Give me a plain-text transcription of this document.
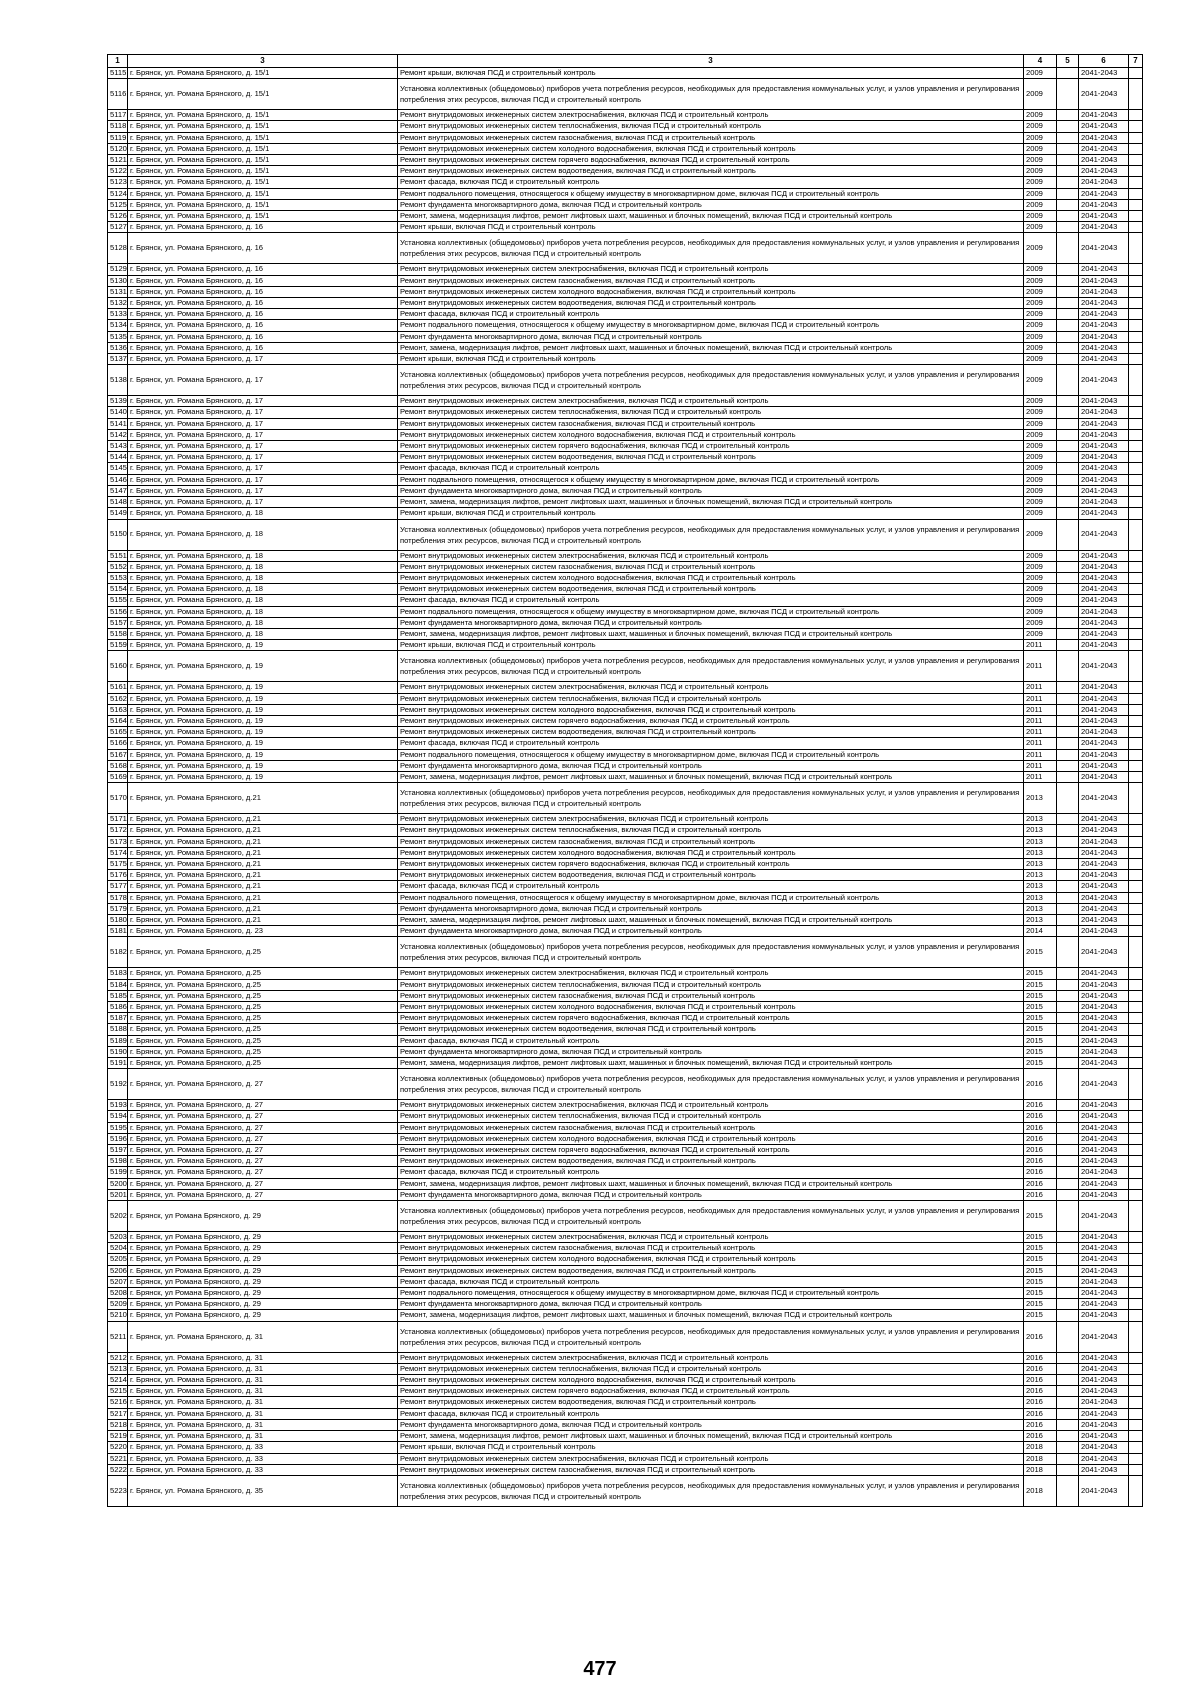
1	3	3	4	5	6	7
5115	г. Брянск, ул. Романа Брянского, д. 15/1	Ремонт крыши, включая ПСД и строительный контроль	2009		2041-2043	
5116	г. Брянск, ул. Романа Брянского, д. 15/1	Установка коллективных (общедомовых) приборов учета потребления ресурсов, необходимых для предоставления коммунальных услуг, и узлов управления и регулирования потребления этих ресурсов, включая ПСД и строительный контроль	2009		2041-2043	
5117	г. Брянск, ул. Романа Брянского, д. 15/1	Ремонт внутридомовых инженерных систем электроснабжения, включая ПСД и строительный контроль	2009		2041-2043	
5118	г. Брянск, ул. Романа Брянского, д. 15/1	Ремонт внутридомовых инженерных систем теплоснабжения, включая ПСД и строительный контроль	2009		2041-2043	
5119	г. Брянск, ул. Романа Брянского, д. 15/1	Ремонт внутридомовых инженерных систем газоснабжения, включая ПСД и строительный контроль	2009		2041-2043	
5120	г. Брянск, ул. Романа Брянского, д. 15/1	Ремонт внутридомовых инженерных систем холодного водоснабжения, включая ПСД и строительный контроль	2009		2041-2043	
5121	г. Брянск, ул. Романа Брянского, д. 15/1	Ремонт внутридомовых инженерных систем горячего водоснабжения, включая ПСД и строительный контроль	2009		2041-2043	
5122	г. Брянск, ул. Романа Брянского, д. 15/1	Ремонт внутридомовых инженерных систем водоотведения, включая ПСД и строительный контроль	2009		2041-2043	
5123	г. Брянск, ул. Романа Брянского, д. 15/1	Ремонт фасада, включая ПСД и строительный контроль	2009		2041-2043	
5124	г. Брянск, ул. Романа Брянского, д. 15/1	Ремонт подвального помещения, относящегося к общему имуществу в многоквартирном доме, включая ПСД и строительный контроль	2009		2041-2043	
5125	г. Брянск, ул. Романа Брянского, д. 15/1	Ремонт фундамента многоквартирного дома, включая ПСД и строительный контроль	2009		2041-2043	
5126	г. Брянск, ул. Романа Брянского, д. 15/1	Ремонт, замена, модернизация лифтов, ремонт лифтовых шахт, машинных и блочных помещений, включая ПСД и строительный контроль	2009		2041-2043	
5127	г. Брянск, ул. Романа Брянского, д. 16	Ремонт крыши, включая ПСД и строительный контроль	2009		2041-2043	
5128	г. Брянск, ул. Романа Брянского, д. 16	Установка коллективных (общедомовых) приборов учета потребления ресурсов, необходимых для предоставления коммунальных услуг, и узлов управления и регулирования потребления этих ресурсов, включая ПСД и строительный контроль	2009		2041-2043	
5129	г. Брянск, ул. Романа Брянского, д. 16	Ремонт внутридомовых инженерных систем электроснабжения, включая ПСД и строительный контроль	2009		2041-2043	
5130	г. Брянск, ул. Романа Брянского, д. 16	Ремонт внутридомовых инженерных систем газоснабжения, включая ПСД и строительный контроль	2009		2041-2043	
5131	г. Брянск, ул. Романа Брянского, д. 16	Ремонт внутридомовых инженерных систем холодного водоснабжения, включая ПСД и строительный контроль	2009		2041-2043	
5132	г. Брянск, ул. Романа Брянского, д. 16	Ремонт внутридомовых инженерных систем водоотведения, включая ПСД и строительный контроль	2009		2041-2043	
5133	г. Брянск, ул. Романа Брянского, д. 16	Ремонт фасада, включая ПСД и строительный контроль	2009		2041-2043	
5134	г. Брянск, ул. Романа Брянского, д. 16	Ремонт подвального помещения, относящегося к общему имуществу в многоквартирном доме, включая ПСД и строительный контроль	2009		2041-2043	
5135	г. Брянск, ул. Романа Брянского, д. 16	Ремонт фундамента многоквартирного дома, включая ПСД и строительный контроль	2009		2041-2043	
5136	г. Брянск, ул. Романа Брянского, д. 16	Ремонт, замена, модернизация лифтов, ремонт лифтовых шахт, машинных и блочных помещений, включая ПСД и строительный контроль	2009		2041-2043	
5137	г. Брянск, ул. Романа Брянского, д. 17	Ремонт крыши, включая ПСД и строительный контроль	2009		2041-2043	
5138	г. Брянск, ул. Романа Брянского, д. 17	Установка коллективных (общедомовых) приборов учета потребления ресурсов, необходимых для предоставления коммунальных услуг, и узлов управления и регулирования потребления этих ресурсов, включая ПСД и строительный контроль	2009		2041-2043	
5139	г. Брянск, ул. Романа Брянского, д. 17	Ремонт внутридомовых инженерных систем электроснабжения, включая ПСД и строительный контроль	2009		2041-2043	
5140	г. Брянск, ул. Романа Брянского, д. 17	Ремонт внутридомовых инженерных систем теплоснабжения, включая ПСД и строительный контроль	2009		2041-2043	
5141	г. Брянск, ул. Романа Брянского, д. 17	Ремонт внутридомовых инженерных систем газоснабжения, включая ПСД и строительный контроль	2009		2041-2043	
5142	г. Брянск, ул. Романа Брянского, д. 17	Ремонт внутридомовых инженерных систем холодного водоснабжения, включая ПСД и строительный контроль	2009		2041-2043	
5143	г. Брянск, ул. Романа Брянского, д. 17	Ремонт внутридомовых инженерных систем горячего водоснабжения, включая ПСД и строительный контроль	2009		2041-2043	
5144	г. Брянск, ул. Романа Брянского, д. 17	Ремонт внутридомовых инженерных систем водоотведения, включая ПСД и строительный контроль	2009		2041-2043	
5145	г. Брянск, ул. Романа Брянского, д. 17	Ремонт фасада, включая ПСД и строительный контроль	2009		2041-2043	
5146	г. Брянск, ул. Романа Брянского, д. 17	Ремонт подвального помещения, относящегося к общему имуществу в многоквартирном доме, включая ПСД и строительный контроль	2009		2041-2043	
5147	г. Брянск, ул. Романа Брянского, д. 17	Ремонт фундамента многоквартирного дома, включая ПСД и строительный контроль	2009		2041-2043	
5148	г. Брянск, ул. Романа Брянского, д. 17	Ремонт, замена, модернизация лифтов, ремонт лифтовых шахт, машинных и блочных помещений, включая ПСД и строительный контроль	2009		2041-2043	
5149	г. Брянск, ул. Романа Брянского, д. 18	Ремонт крыши, включая ПСД и строительный контроль	2009		2041-2043	
5150	г. Брянск, ул. Романа Брянского, д. 18	Установка коллективных (общедомовых) приборов учета потребления ресурсов, необходимых для предоставления коммунальных услуг, и узлов управления и регулирования потребления этих ресурсов, включая ПСД и строительный контроль	2009		2041-2043	
5151	г. Брянск, ул. Романа Брянского, д. 18	Ремонт внутридомовых инженерных систем электроснабжения, включая ПСД и строительный контроль	2009		2041-2043	
5152	г. Брянск, ул. Романа Брянского, д. 18	Ремонт внутридомовых инженерных систем газоснабжения, включая ПСД и строительный контроль	2009		2041-2043	
5153	г. Брянск, ул. Романа Брянского, д. 18	Ремонт внутридомовых инженерных систем холодного водоснабжения, включая ПСД и строительный контроль	2009		2041-2043	
5154	г. Брянск, ул. Романа Брянского, д. 18	Ремонт внутридомовых инженерных систем водоотведения, включая ПСД и строительный контроль	2009		2041-2043	
5155	г. Брянск, ул. Романа Брянского, д. 18	Ремонт фасада, включая ПСД и строительный контроль	2009		2041-2043	
5156	г. Брянск, ул. Романа Брянского, д. 18	Ремонт подвального помещения, относящегося к общему имуществу в многоквартирном доме, включая ПСД и строительный контроль	2009		2041-2043	
5157	г. Брянск, ул. Романа Брянского, д. 18	Ремонт фундамента многоквартирного дома, включая ПСД и строительный контроль	2009		2041-2043	
5158	г. Брянск, ул. Романа Брянского, д. 18	Ремонт, замена, модернизация лифтов, ремонт лифтовых шахт, машинных и блочных помещений, включая ПСД и строительный контроль	2009		2041-2043	
5159	г. Брянск, ул. Романа Брянского, д. 19	Ремонт крыши, включая ПСД и строительный контроль	2011		2041-2043	
5160	г. Брянск, ул. Романа Брянского, д. 19	Установка коллективных (общедомовых) приборов учета потребления ресурсов, необходимых для предоставления коммунальных услуг, и узлов управления и регулирования потребления этих ресурсов, включая ПСД и строительный контроль	2011		2041-2043	
5161	г. Брянск, ул. Романа Брянского, д. 19	Ремонт внутридомовых инженерных систем электроснабжения, включая ПСД и строительный контроль	2011		2041-2043	
5162	г. Брянск, ул. Романа Брянского, д. 19	Ремонт внутридомовых инженерных систем теплоснабжения, включая ПСД и строительный контроль	2011		2041-2043	
5163	г. Брянск, ул. Романа Брянского, д. 19	Ремонт внутридомовых инженерных систем холодного водоснабжения, включая ПСД и строительный контроль	2011		2041-2043	
5164	г. Брянск, ул. Романа Брянского, д. 19	Ремонт внутридомовых инженерных систем горячего водоснабжения, включая ПСД и строительный контроль	2011		2041-2043	
5165	г. Брянск, ул. Романа Брянского, д. 19	Ремонт внутридомовых инженерных систем водоотведения, включая ПСД и строительный контроль	2011		2041-2043	
5166	г. Брянск, ул. Романа Брянского, д. 19	Ремонт фасада, включая ПСД и строительный контроль	2011		2041-2043	
5167	г. Брянск, ул. Романа Брянского, д. 19	Ремонт подвального помещения, относящегося к общему имуществу в многоквартирном доме, включая ПСД и строительный контроль	2011		2041-2043	
5168	г. Брянск, ул. Романа Брянского, д. 19	Ремонт фундамента многоквартирного дома, включая ПСД и строительный контроль	2011		2041-2043	
5169	г. Брянск, ул. Романа Брянского, д. 19	Ремонт, замена, модернизация лифтов, ремонт лифтовых шахт, машинных и блочных помещений, включая ПСД и строительный контроль	2011		2041-2043	
5170	г. Брянск, ул. Романа Брянского, д.21	Установка коллективных (общедомовых) приборов учета потребления ресурсов, необходимых для предоставления коммунальных услуг, и узлов управления и регулирования потребления этих ресурсов, включая ПСД и строительный контроль	2013		2041-2043	
5171	г. Брянск, ул. Романа Брянского, д.21	Ремонт внутридомовых инженерных систем электроснабжения, включая ПСД и строительный контроль	2013		2041-2043	
5172	г. Брянск, ул. Романа Брянского, д.21	Ремонт внутридомовых инженерных систем теплоснабжения, включая ПСД и строительный контроль	2013		2041-2043	
5173	г. Брянск, ул. Романа Брянского, д.21	Ремонт внутридомовых инженерных систем газоснабжения, включая ПСД и строительный контроль	2013		2041-2043	
5174	г. Брянск, ул. Романа Брянского, д.21	Ремонт внутридомовых инженерных систем холодного водоснабжения, включая ПСД и строительный контроль	2013		2041-2043	
5175	г. Брянск, ул. Романа Брянского, д.21	Ремонт внутридомовых инженерных систем горячего водоснабжения, включая ПСД и строительный контроль	2013		2041-2043	
5176	г. Брянск, ул. Романа Брянского, д.21	Ремонт внутридомовых инженерных систем водоотведения, включая ПСД и строительный контроль	2013		2041-2043	
5177	г. Брянск, ул. Романа Брянского, д.21	Ремонт фасада, включая ПСД и строительный контроль	2013		2041-2043	
5178	г. Брянск, ул. Романа Брянского, д.21	Ремонт подвального помещения, относящегося к общему имуществу в многоквартирном доме, включая ПСД и строительный контроль	2013		2041-2043	
5179	г. Брянск, ул. Романа Брянского, д.21	Ремонт фундамента многоквартирного дома, включая ПСД и строительный контроль	2013		2041-2043	
5180	г. Брянск, ул. Романа Брянского, д.21	Ремонт, замена, модернизация лифтов, ремонт лифтовых шахт, машинных и блочных помещений, включая ПСД и строительный контроль	2013		2041-2043	
5181	г. Брянск, ул. Романа Брянского, д. 23	Ремонт фундамента многоквартирного дома, включая ПСД и строительный контроль	2014		2041-2043	
5182	г. Брянск, ул. Романа Брянского, д.25	Установка коллективных (общедомовых) приборов учета потребления ресурсов, необходимых для предоставления коммунальных услуг, и узлов управления и регулирования потребления этих ресурсов, включая ПСД и строительный контроль	2015		2041-2043	
5183	г. Брянск, ул. Романа Брянского, д.25	Ремонт внутридомовых инженерных систем электроснабжения, включая ПСД и строительный контроль	2015		2041-2043	
5184	г. Брянск, ул. Романа Брянского, д.25	Ремонт внутридомовых инженерных систем теплоснабжения, включая ПСД и строительный контроль	2015		2041-2043	
5185	г. Брянск, ул. Романа Брянского, д.25	Ремонт внутридомовых инженерных систем газоснабжения, включая ПСД и строительный контроль	2015		2041-2043	
5186	г. Брянск, ул. Романа Брянского, д.25	Ремонт внутридомовых инженерных систем холодного водоснабжения, включая ПСД и строительный контроль	2015		2041-2043	
5187	г. Брянск, ул. Романа Брянского, д.25	Ремонт внутридомовых инженерных систем горячего водоснабжения, включая ПСД и строительный контроль	2015		2041-2043	
5188	г. Брянск, ул. Романа Брянского, д.25	Ремонт внутридомовых инженерных систем водоотведения, включая ПСД и строительный контроль	2015		2041-2043	
5189	г. Брянск, ул. Романа Брянского, д.25	Ремонт фасада, включая ПСД и строительный контроль	2015		2041-2043	
5190	г. Брянск, ул. Романа Брянского, д.25	Ремонт фундамента многоквартирного дома, включая ПСД и строительный контроль	2015		2041-2043	
5191	г. Брянск, ул. Романа Брянского, д.25	Ремонт, замена, модернизация лифтов, ремонт лифтовых шахт, машинных и блочных помещений, включая ПСД и строительный контроль	2015		2041-2043	
5192	г. Брянск, ул. Романа Брянского, д. 27	Установка коллективных (общедомовых) приборов учета потребления ресурсов, необходимых для предоставления коммунальных услуг, и узлов управления и регулирования потребления этих ресурсов, включая ПСД и строительный контроль	2016		2041-2043	
5193	г. Брянск, ул. Романа Брянского, д. 27	Ремонт внутридомовых инженерных систем электроснабжения, включая ПСД и строительный контроль	2016		2041-2043	
5194	г. Брянск, ул. Романа Брянского, д. 27	Ремонт внутридомовых инженерных систем теплоснабжения, включая ПСД и строительный контроль	2016		2041-2043	
5195	г. Брянск, ул. Романа Брянского, д. 27	Ремонт внутридомовых инженерных систем газоснабжения, включая ПСД и строительный контроль	2016		2041-2043	
5196	г. Брянск, ул. Романа Брянского, д. 27	Ремонт внутридомовых инженерных систем холодного водоснабжения, включая ПСД и строительный контроль	2016		2041-2043	
5197	г. Брянск, ул. Романа Брянского, д. 27	Ремонт внутридомовых инженерных систем горячего водоснабжения, включая ПСД и строительный контроль	2016		2041-2043	
5198	г. Брянск, ул. Романа Брянского, д. 27	Ремонт внутридомовых инженерных систем водоотведения, включая ПСД и строительный контроль	2016		2041-2043	
5199	г. Брянск, ул. Романа Брянского, д. 27	Ремонт фасада, включая ПСД и строительный контроль	2016		2041-2043	
5200	г. Брянск, ул. Романа Брянского, д. 27	Ремонт, замена, модернизация лифтов, ремонт лифтовых шахт, машинных и блочных помещений, включая ПСД и строительный контроль	2016		2041-2043	
5201	г. Брянск, ул. Романа Брянского, д. 27	Ремонт фундамента многоквартирного дома, включая ПСД и строительный контроль	2016		2041-2043	
5202	г. Брянск, ул Романа Брянского, д. 29	Установка коллективных (общедомовых) приборов учета потребления ресурсов, необходимых для предоставления коммунальных услуг, и узлов управления и регулирования потребления этих ресурсов, включая ПСД и строительный контроль	2015		2041-2043	
5203	г. Брянск, ул Романа Брянского, д. 29	Ремонт внутридомовых инженерных систем электроснабжения, включая ПСД и строительный контроль	2015		2041-2043	
5204	г. Брянск, ул Романа Брянского, д. 29	Ремонт внутридомовых инженерных систем газоснабжения, включая ПСД и строительный контроль	2015		2041-2043	
5205	г. Брянск, ул Романа Брянского, д. 29	Ремонт внутридомовых инженерных систем холодного водоснабжения, включая ПСД и строительный контроль	2015		2041-2043	
5206	г. Брянск, ул Романа Брянского, д. 29	Ремонт внутридомовых инженерных систем водоотведения, включая ПСД и строительный контроль	2015		2041-2043	
5207	г. Брянск, ул Романа Брянского, д. 29	Ремонт фасада, включая ПСД и строительный контроль	2015		2041-2043	
5208	г. Брянск, ул Романа Брянского, д. 29	Ремонт подвального помещения, относящегося к общему имуществу в многоквартирном доме, включая ПСД и строительный контроль	2015		2041-2043	
5209	г. Брянск, ул Романа Брянского, д. 29	Ремонт фундамента многоквартирного дома, включая ПСД и строительный контроль	2015		2041-2043	
5210	г. Брянск, ул Романа Брянского, д. 29	Ремонт, замена, модернизация лифтов, ремонт лифтовых шахт, машинных и блочных помещений, включая ПСД и строительный контроль	2015		2041-2043	
5211	г. Брянск, ул. Романа Брянского, д. 31	Установка коллективных (общедомовых) приборов учета потребления ресурсов, необходимых для предоставления коммунальных услуг, и узлов управления и регулирования потребления этих ресурсов, включая ПСД и строительный контроль	2016		2041-2043	
5212	г. Брянск, ул. Романа Брянского, д. 31	Ремонт внутридомовых инженерных систем электроснабжения, включая ПСД и строительный контроль	2016		2041-2043	
5213	г. Брянск, ул. Романа Брянского, д. 31	Ремонт внутридомовых инженерных систем теплоснабжения, включая ПСД и строительный контроль	2016		2041-2043	
5214	г. Брянск, ул. Романа Брянского, д. 31	Ремонт внутридомовых инженерных систем холодного водоснабжения, включая ПСД и строительный контроль	2016		2041-2043	
5215	г. Брянск, ул. Романа Брянского, д. 31	Ремонт внутридомовых инженерных систем горячего водоснабжения, включая ПСД и строительный контроль	2016		2041-2043	
5216	г. Брянск, ул. Романа Брянского, д. 31	Ремонт внутридомовых инженерных систем водоотведения, включая ПСД и строительный контроль	2016		2041-2043	
5217	г. Брянск, ул. Романа Брянского, д. 31	Ремонт фасада, включая ПСД и строительный контроль	2016		2041-2043	
5218	г. Брянск, ул. Романа Брянского, д. 31	Ремонт фундамента многоквартирного дома, включая ПСД и строительный контроль	2016		2041-2043	
5219	г. Брянск, ул. Романа Брянского, д. 31	Ремонт, замена, модернизация лифтов, ремонт лифтовых шахт, машинных и блочных помещений, включая ПСД и строительный контроль	2016		2041-2043	
5220	г. Брянск, ул. Романа Брянского, д. 33	Ремонт крыши, включая ПСД и строительный контроль	2018		2041-2043	
5221	г. Брянск, ул. Романа Брянского, д. 33	Ремонт внутридомовых инженерных систем электроснабжения, включая ПСД и строительный контроль	2018		2041-2043	
5222	г. Брянск, ул. Романа Брянского, д. 33	Ремонт внутридомовых инженерных систем газоснабжения, включая ПСД и строительный контроль	2018		2041-2043	
5223	г. Брянск, ул. Романа Брянского, д. 35	Установка коллективных (общедомовых) приборов учета потребления ресурсов, необходимых для предоставления коммунальных услуг, и узлов управления и регулирования потребления этих ресурсов, включая ПСД и строительный контроль	2018		2041-2043	
477
